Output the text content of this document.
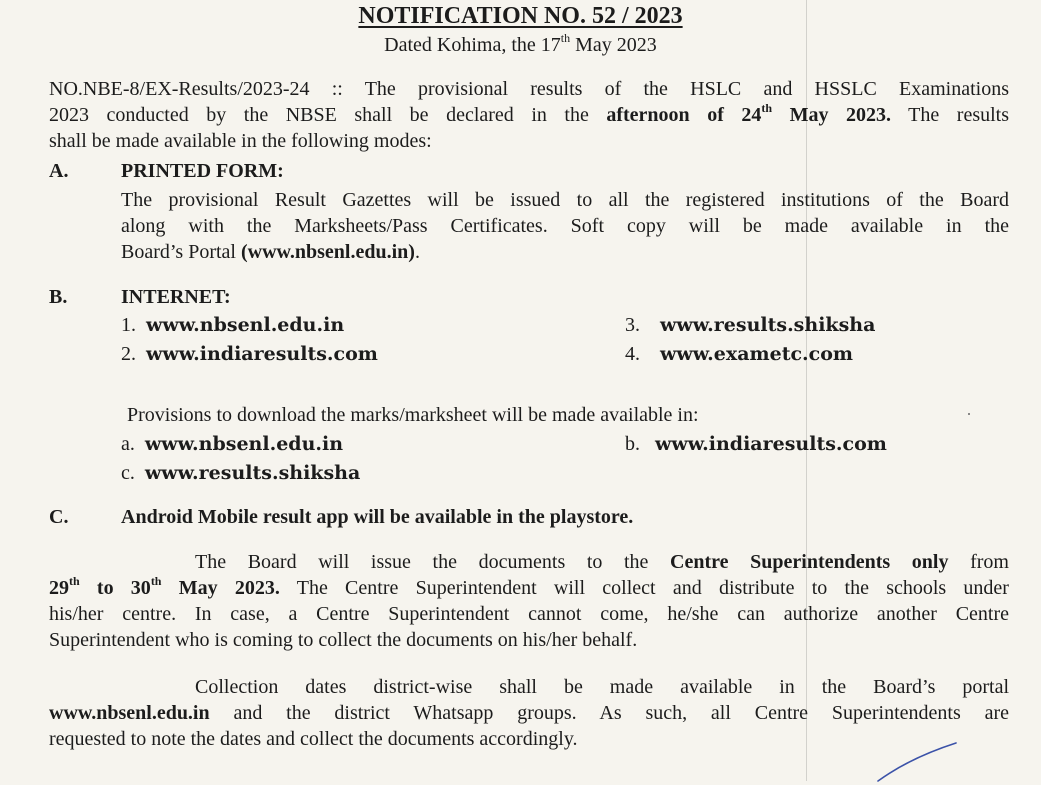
NOTIFICATION NO. 52 / 2023
Dated Kohima, the 17th May 2023

NO.NBE-8/EX-Results/2023-24 :: The provisional results of the HSLC and HSSLC Examinations
2023 conducted by the NBSE shall be declared in the afternoon of 24th May 2023. The results
shall be made available in the following modes:

A.	PRINTED FORM:

The provisional Result Gazettes will be issued to all the registered institutions of the Board
along with the Marksheets/Pass Certificates. Soft copy will be made available in the
Board’s Portal (www.nbsenl.edu.in).

B.	INTERNET:
1. www.nbsenl.edu.in
2. www.indiaresults.com
3. www.results.shiksha
4. www.exametc.com
Provisions to download the marks/marksheet will be made available in:
a. www.nbsenl.edu.in	b. www.indiaresults.com
c. www.results.shiksha
C.	Android Mobile result app will be available in the playstore.

The Board will issue the documents to the Centre Superintendents only from
29th to 30th May 2023. The Centre Superintendent will collect and distribute to the schools under
his/her centre. In case, a Centre Superintendent cannot come, he/she can authorize another Centre
Superintendent who is coming to collect the documents on his/her behalf.

Collection dates district-wise shall be made available in the Board’s portal
www.nbsenl.edu.in and the district Whatsapp groups. As such, all Centre Superintendents are
requested to note the dates and collect the documents accordingly.
